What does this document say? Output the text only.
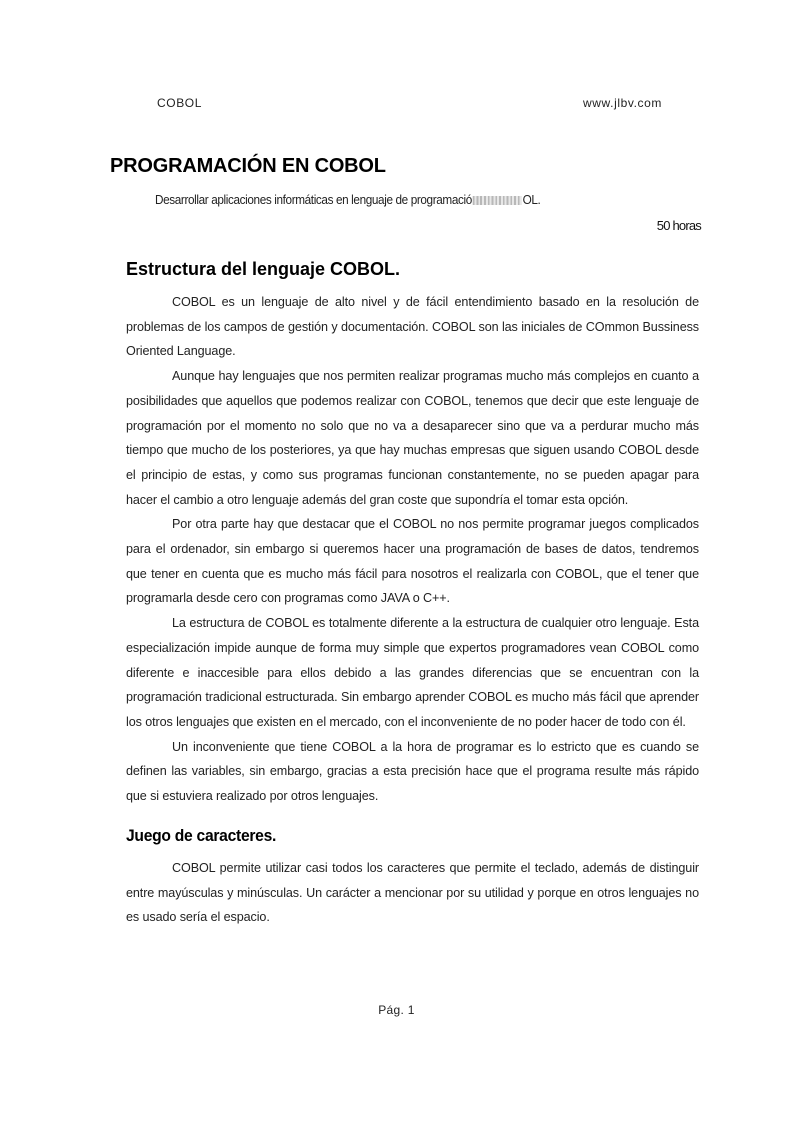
COBOL	www.jlbv.com
PROGRAMACIÓN EN COBOL
Desarrollar aplicaciones informáticas en lenguaje de programació	OL.
50 horas
Estructura del lenguaje COBOL.

COBOL es un lenguaje de alto nivel y de fácil entendimiento basado en la resolución de problemas de los campos de gestión y documentación. COBOL son las iniciales de COmmon Bussiness Oriented Language.

Aunque hay lenguajes que nos permiten realizar programas mucho más complejos en cuanto a posibilidades que aquellos que podemos realizar con COBOL, tenemos que decir que este lenguaje de programación por el momento no solo que no va a desaparecer sino que va a perdurar mucho más tiempo que mucho de los posteriores, ya que hay muchas empresas que siguen usando COBOL desde el principio de estas, y como sus programas funcionan constantemente, no se pueden apagar para hacer el cambio a otro lenguaje además del gran coste que supondría el tomar esta opción.

Por otra parte hay que destacar que el COBOL no nos permite programar juegos complicados para el ordenador, sin embargo si queremos hacer una programación de bases de datos, tendremos que tener en cuenta que es mucho más fácil para nosotros el realizarla con COBOL, que el tener que programarla desde cero con programas como JAVA o C++.

La estructura de COBOL es totalmente diferente a la estructura de cualquier otro lenguaje. Esta especialización impide aunque de forma muy simple que expertos programadores vean COBOL como diferente e inaccesible para ellos debido a las grandes diferencias que se encuentran con la programación tradicional estructurada. Sin embargo aprender COBOL es mucho más fácil que aprender los otros lenguajes que existen en el mercado, con el inconveniente de no poder hacer de todo con él.

Un inconveniente que tiene COBOL a la hora de programar es lo estricto que es cuando se definen las variables, sin embargo, gracias a esta precisión hace que el programa resulte más rápido que si estuviera realizado por otros lenguajes.

Juego de caracteres.

COBOL permite utilizar casi todos los caracteres que permite el teclado, además de distinguir entre mayúsculas y minúsculas. Un carácter a mencionar por su utilidad y porque en otros lenguajes no es usado sería el espacio.

Pág. 1
